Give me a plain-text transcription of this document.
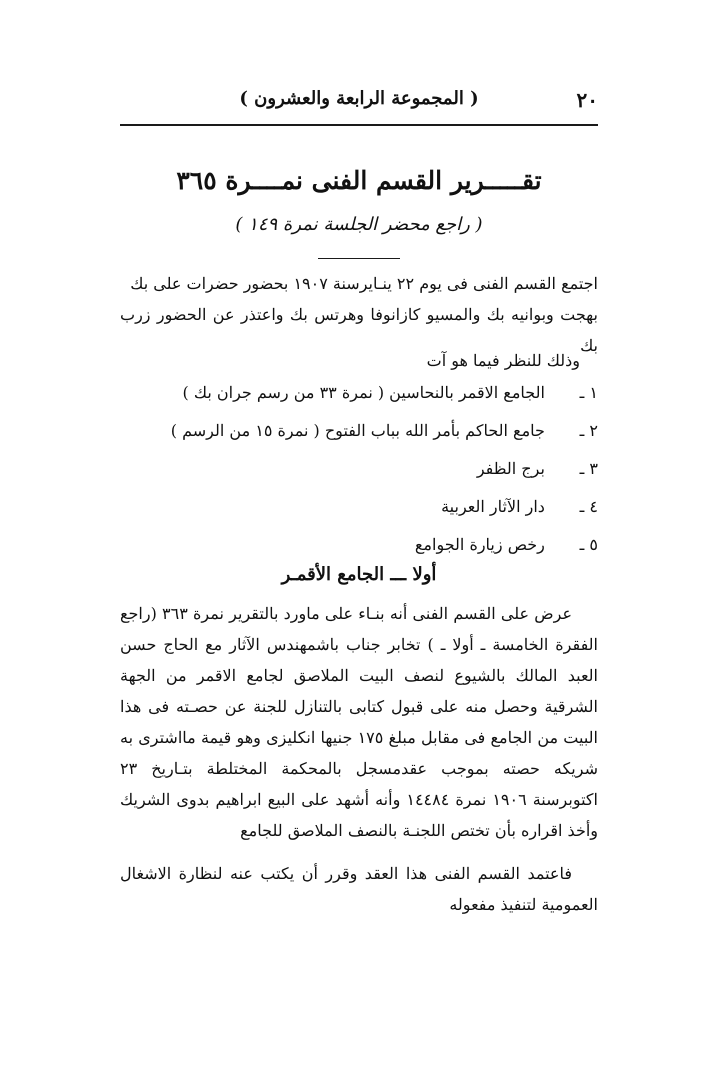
٢٠
( المجموعة الرابعة والعشرون )
تقـــــرير القسم الفنى نمــــرة ٣٦٥
( راجع محضر الجلسة نمرة ١٤٩ )
اجتمع القسم الفنى فى يوم ٢٢ ينـايرسنة ١٩٠٧ بحضور حضرات على بك
بهجت وبوانيه بك والمسيو كازانوفا وهرتس بك واعتذر عن الحضور زرب بك
وذلك للنظر فيما هو آت
١ ـ الجامع الاقمر بالنحاسين ( نمرة ٣٣ من رسم جران بك )
٢ ـ جامع الحاكم بأمر الله بباب الفتوح ( نمرة ١٥ من الرسم )
٣ ـ برج الظفر
٤ ـ دار الآثار العربية
٥ ـ رخص زيارة الجوامع
أولا ـــ الجامع الأقمـر

عرض على القسم الفنى أنه بنـاء على ماورد بالتقرير نمرة ٣٦٣ (راجع الفقرة الخامسة ـ أولا ـ ) تخابر جناب باشمهندس الآثار مع الحاج حسن العبد المالك بالشيوع لنصف البيت الملاصق لجامع الاقمر من الجهة الشرقية وحصل منه على قبول كتابى بالتنازل للجنة عن حصـته فى هذا البيت من الجامع فى مقابل مبلغ ١٧٥ جنيها انكليزى وهو قيمة مااشترى به شريكه حصته بموجب عقدمسجل بالمحكمة المختلطة بتـاريخ ٢٣ اكتوبرسنة ١٩٠٦ نمرة ١٤٤٨٤ وأنه أشهد على البيع ابراهيم بدوى الشريك وأخذ اقراره بأن تختص اللجنـة بالنصف الملاصق للجامع

فاعتمد القسم الفنى هذا العقد وقرر أن يكتب عنه لنظارة الاشغال العمومية لتنفيذ مفعوله
